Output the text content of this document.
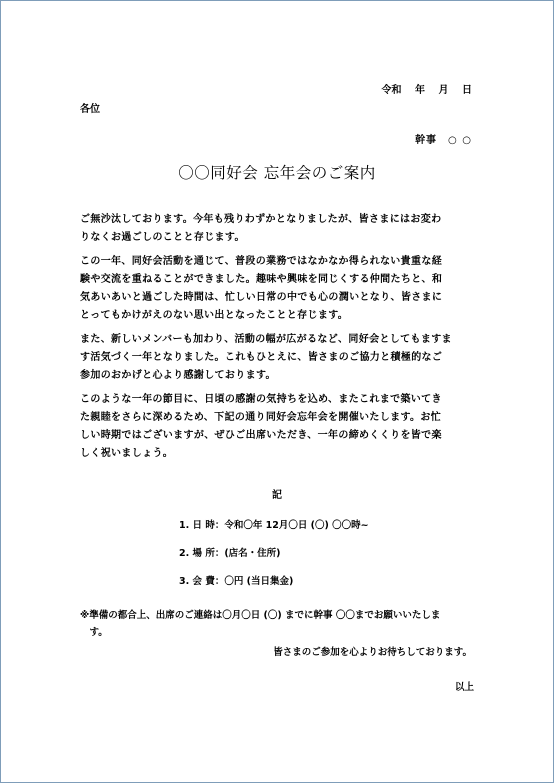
令和　 年　 月　 日
各位
幹事　○ ○
〇〇同好会 忘年会のご案内
ご無沙汰しております。今年も残りわずかとなりましたが、皆さまにはお変わ
りなくお過ごしのことと存じます。
この一年、同好会活動を通じて、普段の業務ではなかなか得られない貴重な経
験や交流を重ねることができました。趣味や興味を同じくする仲間たちと、和
気あいあいと過ごした時間は、忙しい日常の中でも心の潤いとなり、皆さまに
とってもかけがえのない思い出となったことと存じます。
また、新しいメンバーも加わり、活動の幅が広がるなど、同好会としてもますま
す活気づく一年となりました。これもひとえに、皆さまのご協力と積極的なご
参加のおかげと心より感謝しております。
このような一年の節目に、日頃の感謝の気持ちを込め、またこれまで築いてき
た親睦をさらに深めるため、下記の通り同好会忘年会を開催いたします。お忙
しい時期ではございますが、ぜひご出席いただき、一年の締めくくりを皆で楽
しく祝いましょう。
記
1. 日 時：令和〇年 12月〇日 (〇) 〇〇時~
2. 場 所：(店名・住所)
3. 会 費：〇円 (当日集金)
※準備の都合上、出席のご連絡は〇月〇日 (〇) までに幹事 〇〇までお願いいたしま
　す。
皆さまのご参加を心よりお待ちしております。
以上
